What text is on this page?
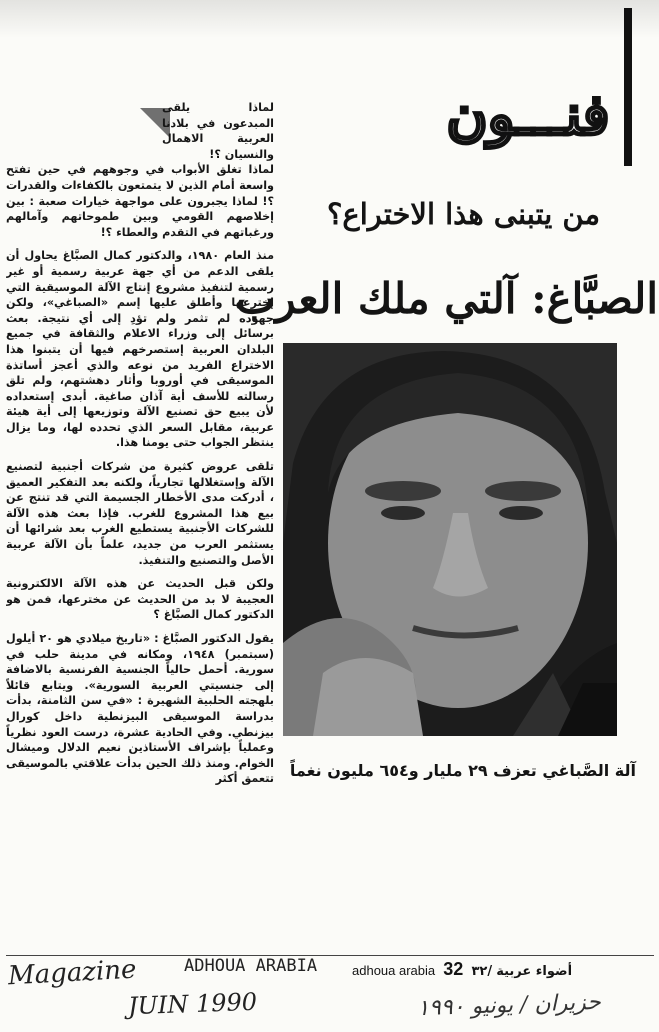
فنـــون
من يتبنى هذا الاختراع؟
الصبَّاغ: آلتي ملك العرب

لماذا يلقى المبدعون في بلادنا العربية الاهمال والنسيان ؟!

لماذا تغلق الأبواب في وجوههم في حين تفتح واسعة أمام الذين لا يتمتعون بالكفاءات والقدرات ؟! لماذا يجبرون على مواجهة خيارات صعبة : بين إخلاصهم القومي وبين طموحاتهم وآمالهم ورغباتهم في التقدم والعطاء ؟!

منذ العام ١٩٨٠، والدكتور كمال الصبَّاغ يحاول أن يلقى الدعم من أي جهة عربية رسمية أو غير رسمية لتنفيذ مشروع إنتاج الآلة الموسيقية التي إخترعها وأطلق عليها إسم «الصباغي»، ولكن جهوده لم تثمر ولم تؤدِ إلى أي نتيجة. بعث برسائل إلى وزراء الاعلام والثقافة في جميع البلدان العربية إستصرخهم فيها أن يتبنوا هذا الاختراع الفريد من نوعه والذي أعجز أساتذة الموسيقى في أوروبا وأثار دهشتهم، ولم تلق رسالته للأسف أية آذان صاغية. أبدى إستعداده لأن يبيع حق تصنيع الآلة وتوزيعها إلى أية هيئة عربية، مقابل السعر الذي تحدده لها، وما يزال ينتظر الجواب حتى يومنا هذا.

تلقى عروض كثيرة من شركات أجنبية لتصنيع الآلة وإستغلالها تجارياً، ولكنه بعد التفكير العميق ، أدركت مدى الأخطار الجسيمة التي قد تنتج عن بيع هذا المشروع للغرب. فإذا بعث هذه الآلة للشركات الأجنبية يستطيع الغرب بعد شرائها أن يستثمر العرب من جديد، علماً بأن الآلة عربية الأصل والتصنيع والتنفيذ.

ولكن قبل الحديث عن هذه الآلة الالكترونية العجيبة لا بد من الحديث عن مخترعها، فمن هو الدكتور كمال الصبَّاغ ؟

يقول الدكتور الصبَّاغ : «تاريخ ميلادي هو ٢٠ أيلول (سبتمبر) ١٩٤٨، ومكانه في مدينة حلب في سورية. أحمل حالياً الجنسية الفرنسية بالاضافة إلى جنسيتي العربية السورية». ويتابع قائلاً بلهجته الحلبية الشهيرة : «في سن الثامنة، بدأت بدراسة الموسيقى البيزنطية داخل كورال بيزنطي. وفي الحادية عشرة، درست العود نظرياً وعملياً بإشراف الأستاذين نعيم الدلال وميشال الخوام. ومنذ ذلك الحين بدأت علاقتي بالموسيقى تتعمق أكثر آلة الصَّباغي تعزف ٢٩ مليار و٦٥٤ مليون نغماً
Magazine	ADHOUA ARABIA
JUIN 1990
adhoua arabia 32 /٣٢ أضواء عربية
حزيران / يونيو ١٩٩٠
